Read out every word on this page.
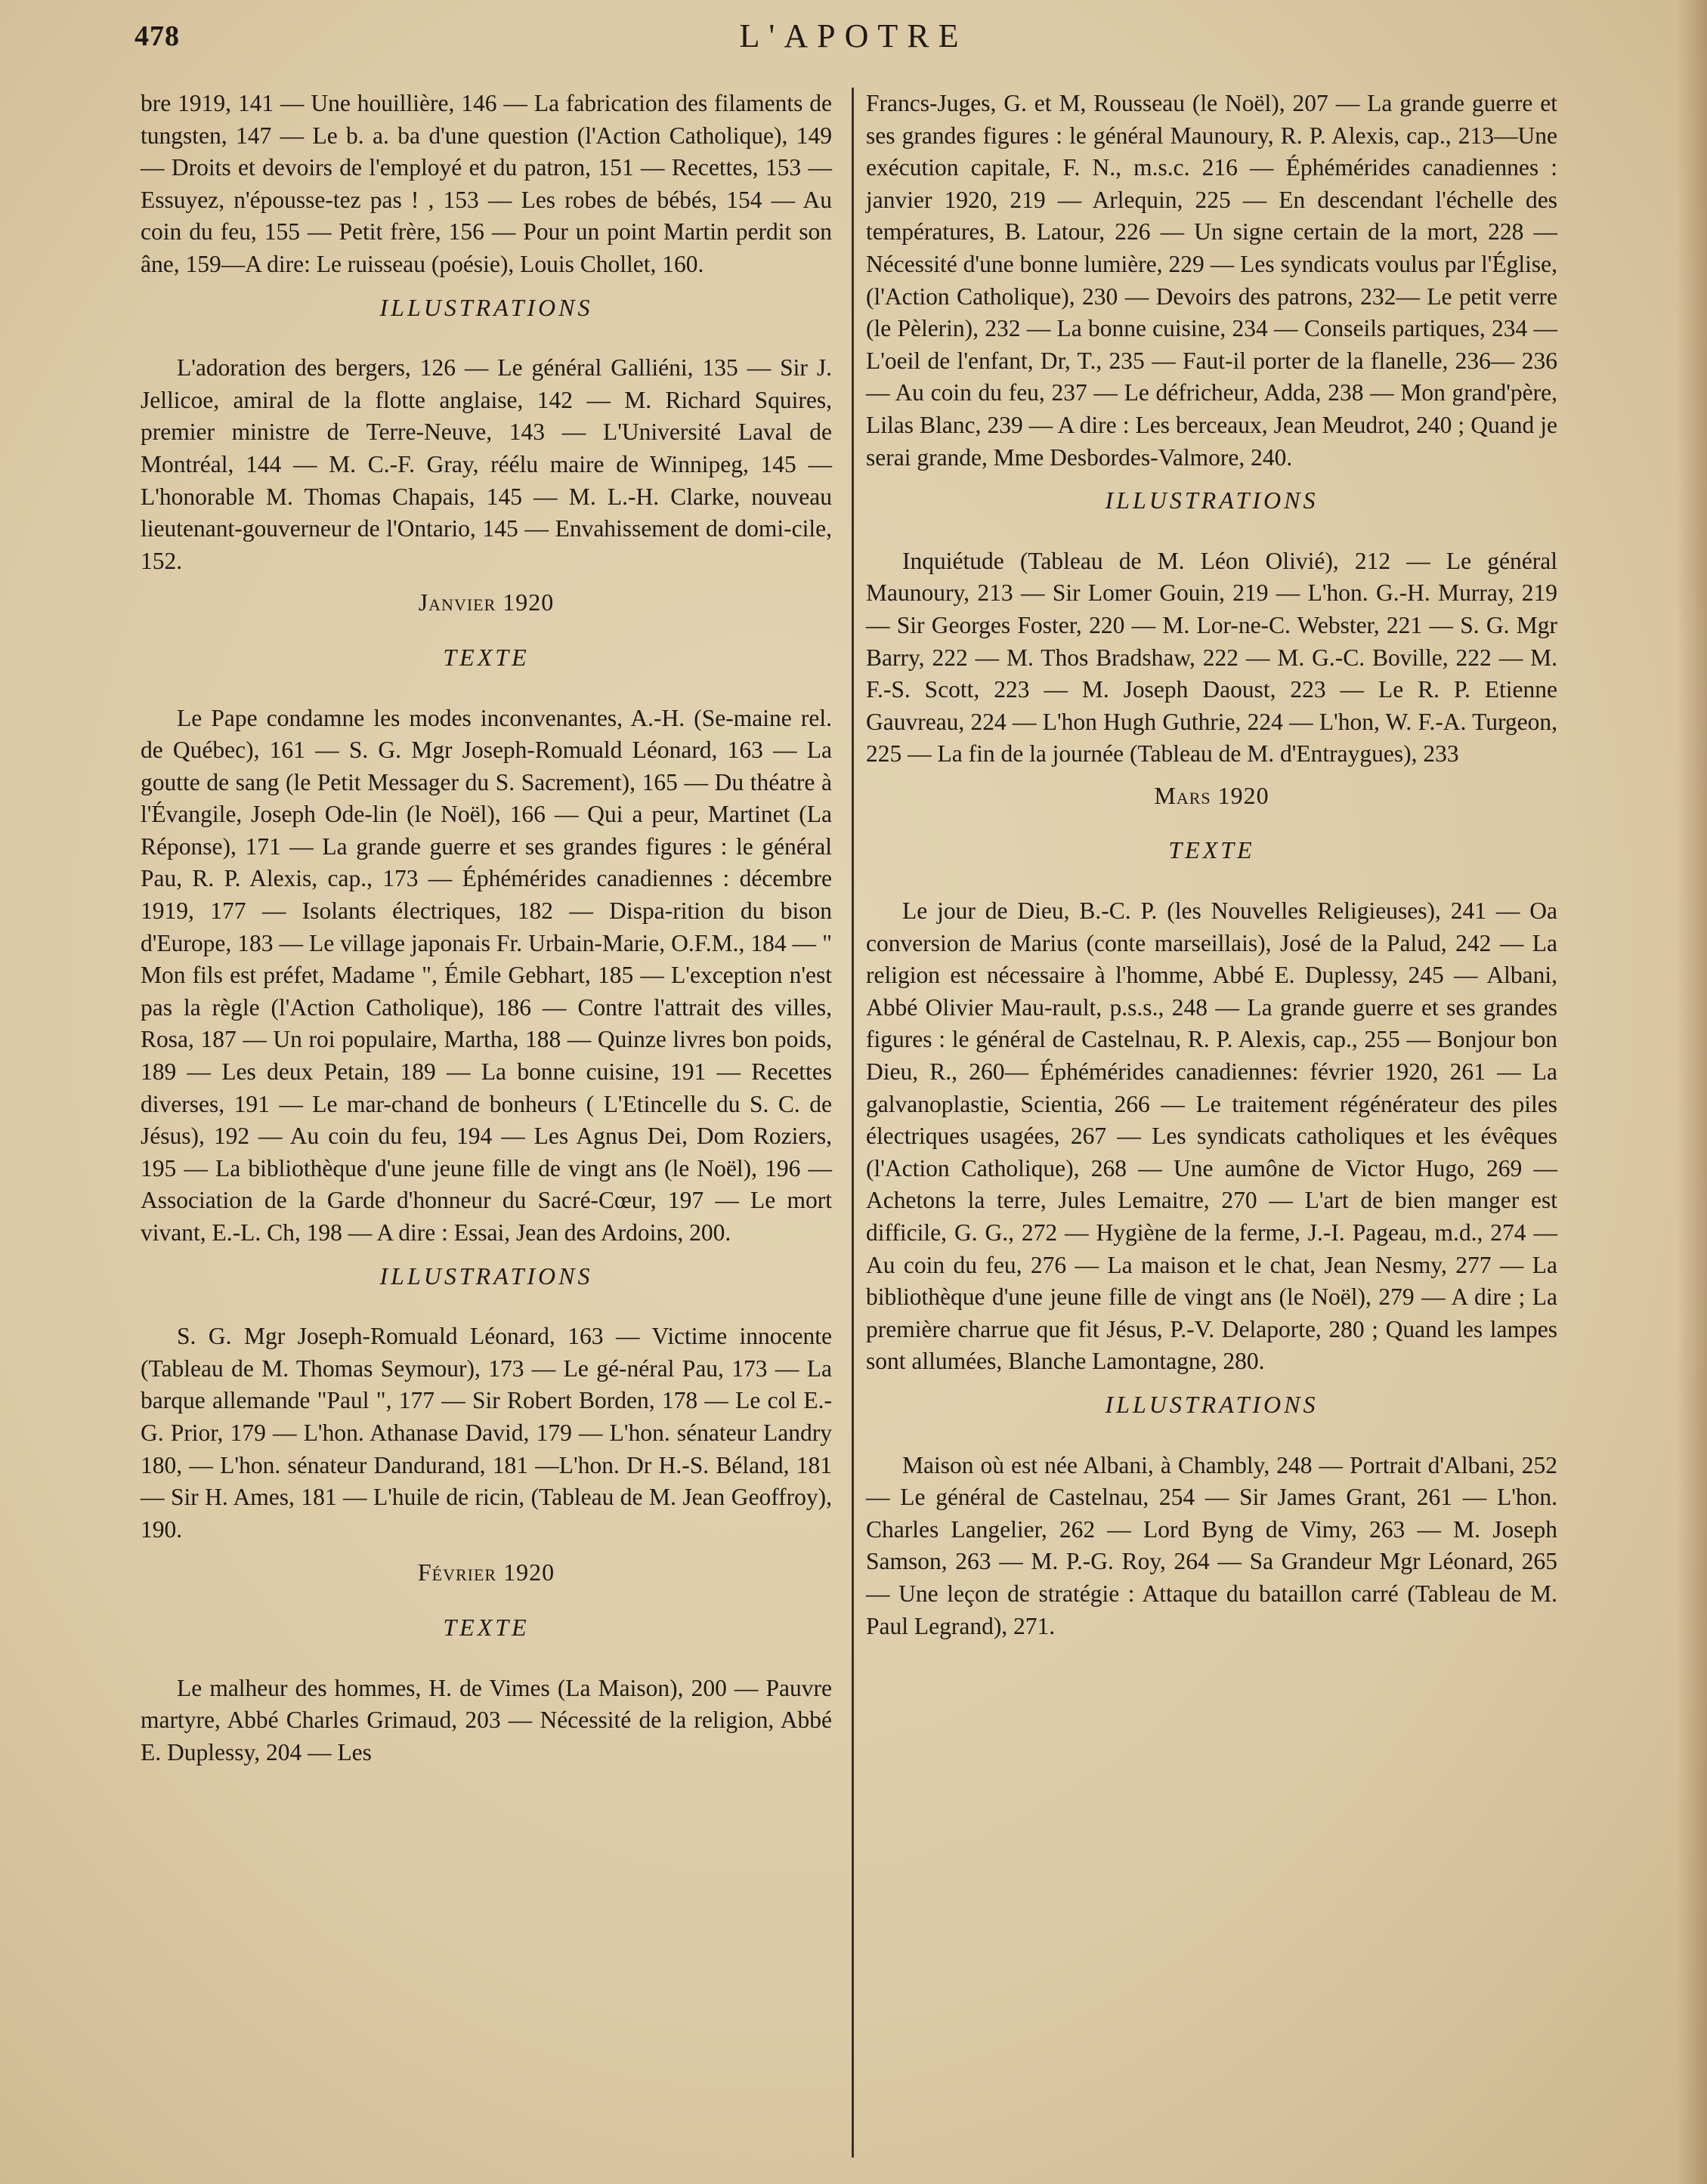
478	L'APOTRE

bre 1919, 141 — Une houillière, 146 — La fabrication des filaments de tungsten, 147 — Le b. a. ba d'une question (l'Action Catholique), 149 — Droits et devoirs de l'employé et du patron, 151 — Recettes, 153 — Essuyez, n'épousse-tez pas ! , 153 — Les robes de bébés, 154 — Au coin du feu, 155 — Petit frère, 156 — Pour un point Martin perdit son âne, 159—A dire: Le ruisseau (poésie), Louis Chollet, 160.

ILLUSTRATIONS

L'adoration des bergers, 126 — Le général Galliéni, 135 — Sir J. Jellicoe, amiral de la flotte anglaise, 142 — M. Richard Squires, premier ministre de Terre-Neuve, 143 — L'Université Laval de Montréal, 144 — M. C.-F. Gray, réélu maire de Winnipeg, 145 — L'honorable M. Thomas Chapais, 145 — M. L.-H. Clarke, nouveau lieutenant-gouverneur de l'Ontario, 145 — Envahissement de domi-cile, 152.

Janvier 1920

TEXTE

Le Pape condamne les modes inconvenantes, A.-H. (Se-maine rel. de Québec), 161 — S. G. Mgr Joseph-Romuald Léonard, 163 — La goutte de sang (le Petit Messager du S. Sacrement), 165 — Du théatre à l'Évangile, Joseph Ode-lin (le Noël), 166 — Qui a peur, Martinet (La Réponse), 171 — La grande guerre et ses grandes figures : le général Pau, R. P. Alexis, cap., 173 — Éphémérides canadiennes : décembre 1919, 177 — Isolants électriques, 182 — Dispa-rition du bison d'Europe, 183 — Le village japonais Fr. Urbain-Marie, O.F.M., 184 — " Mon fils est préfet, Madame ", Émile Gebhart, 185 — L'exception n'est pas la règle (l'Action Catholique), 186 — Contre l'attrait des villes, Rosa, 187 — Un roi populaire, Martha, 188 — Quinze livres bon poids, 189 — Les deux Petain, 189 — La bonne cuisine, 191 — Recettes diverses, 191 — Le mar-chand de bonheurs ( L'Etincelle du S. C. de Jésus), 192 — Au coin du feu, 194 — Les Agnus Dei, Dom Roziers, 195 — La bibliothèque d'une jeune fille de vingt ans (le Noël), 196 — Association de la Garde d'honneur du Sacré-Cœur, 197 — Le mort vivant, E.-L. Ch, 198 — A dire : Essai, Jean des Ardoins, 200.

ILLUSTRATIONS

S. G. Mgr Joseph-Romuald Léonard, 163 — Victime innocente (Tableau de M. Thomas Seymour), 173 — Le gé-néral Pau, 173 — La barque allemande "Paul ", 177 — Sir Robert Borden, 178 — Le col E.-G. Prior, 179 — L'hon. Athanase David, 179 — L'hon. sénateur Landry 180, — L'hon. sénateur Dandurand, 181 —L'hon. Dr H.-S. Béland, 181 — Sir H. Ames, 181 — L'huile de ricin, (Tableau de M. Jean Geoffroy), 190.

Février 1920

TEXTE

Le malheur des hommes, H. de Vimes (La Maison), 200 — Pauvre martyre, Abbé Charles Grimaud, 203 — Nécessité de la religion, Abbé E. Duplessy, 204 — Les

Francs-Juges, G. et M, Rousseau (le Noël), 207 — La grande guerre et ses grandes figures : le général Maunoury, R. P. Alexis, cap., 213—Une exécution capitale, F. N., m.s.c. 216 — Éphémérides canadiennes : janvier 1920, 219 — Arlequin, 225 — En descendant l'échelle des températures, B. Latour, 226 — Un signe certain de la mort, 228 — Nécessité d'une bonne lumière, 229 — Les syndicats voulus par l'Église, (l'Action Catholique), 230 — Devoirs des patrons, 232— Le petit verre (le Pèlerin), 232 — La bonne cuisine, 234 — Conseils partiques, 234 — L'oeil de l'enfant, Dr, T., 235 — Faut-il porter de la flanelle, 236— 236 — Au coin du feu, 237 — Le défricheur, Adda, 238 — Mon grand'père, Lilas Blanc, 239 — A dire : Les berceaux, Jean Meudrot, 240 ; Quand je serai grande, Mme Desbordes-Valmore, 240.

ILLUSTRATIONS

Inquiétude (Tableau de M. Léon Olivié), 212 — Le général Maunoury, 213 — Sir Lomer Gouin, 219 — L'hon. G.-H. Murray, 219 — Sir Georges Foster, 220 — M. Lor-ne-C. Webster, 221 — S. G. Mgr Barry, 222 — M. Thos Bradshaw, 222 — M. G.-C. Boville, 222 — M. F.-S. Scott, 223 — M. Joseph Daoust, 223 — Le R. P. Etienne Gauvreau, 224 — L'hon Hugh Guthrie, 224 — L'hon, W. F.-A. Turgeon, 225 — La fin de la journée (Tableau de M. d'Entraygues), 233

Mars 1920

TEXTE

Le jour de Dieu, B.-C. P. (les Nouvelles Religieuses), 241 — Oa conversion de Marius (conte marseillais), José de la Palud, 242 — La religion est nécessaire à l'homme, Abbé E. Duplessy, 245 — Albani, Abbé Olivier Mau-rault, p.s.s., 248 — La grande guerre et ses grandes figures : le général de Castelnau, R. P. Alexis, cap., 255 — Bonjour bon Dieu, R., 260— Éphémérides canadiennes: février 1920, 261 — La galvanoplastie, Scientia, 266 — Le traitement régénérateur des piles électriques usagées, 267 — Les syndicats catholiques et les évêques (l'Action Catholique), 268 — Une aumône de Victor Hugo, 269 — Achetons la terre, Jules Lemaitre, 270 — L'art de bien manger est difficile, G. G., 272 — Hygiène de la ferme, J.-I. Pageau, m.d., 274 — Au coin du feu, 276 — La maison et le chat, Jean Nesmy, 277 — La bibliothèque d'une jeune fille de vingt ans (le Noël), 279 — A dire ; La première charrue que fit Jésus, P.-V. Delaporte, 280 ; Quand les lampes sont allumées, Blanche Lamontagne, 280.

ILLUSTRATIONS

Maison où est née Albani, à Chambly, 248 — Portrait d'Albani, 252 — Le général de Castelnau, 254 — Sir James Grant, 261 — L'hon. Charles Langelier, 262 — Lord Byng de Vimy, 263 — M. Joseph Samson, 263 — M. P.-G. Roy, 264 — Sa Grandeur Mgr Léonard, 265 — Une leçon de stratégie : Attaque du bataillon carré (Tableau de M. Paul Legrand), 271.
